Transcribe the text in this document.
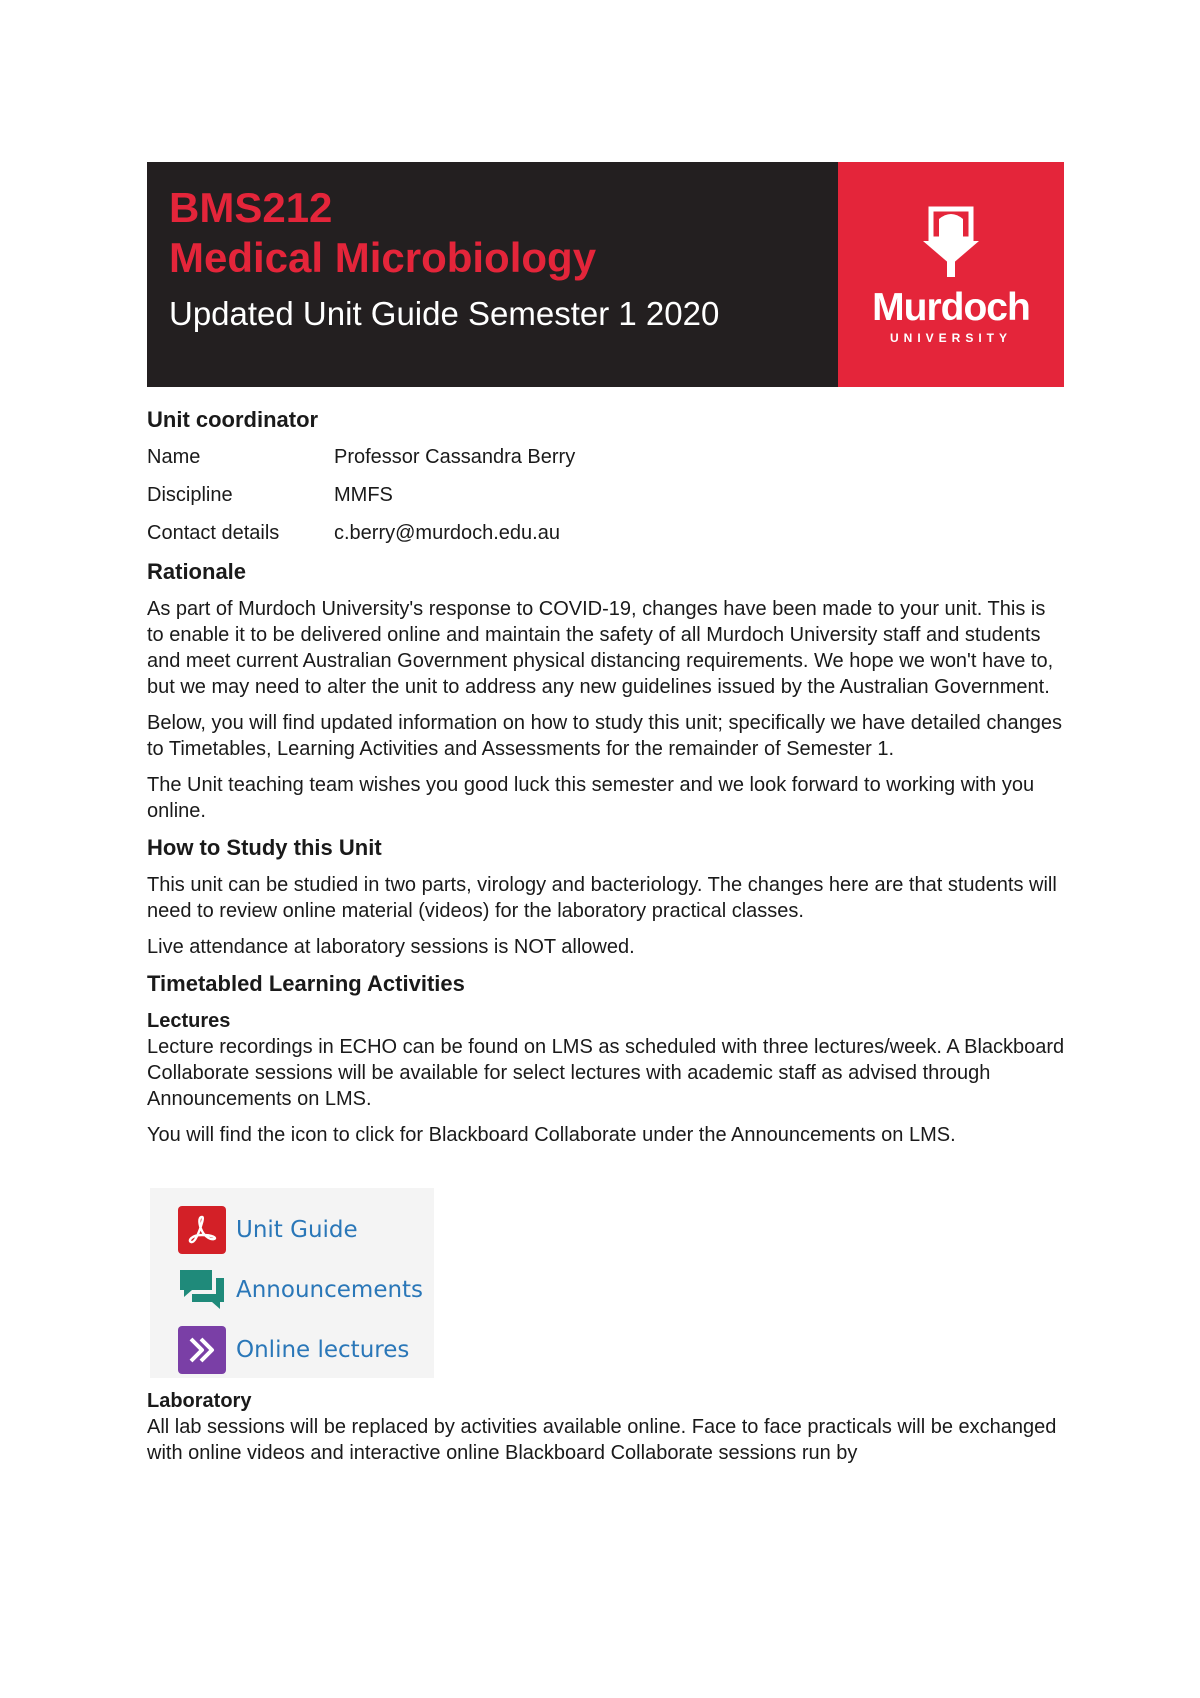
BMS212
Medical Microbiology
Updated Unit Guide Semester 1 2020	Murdoch
UNIVERSITY
Unit coordinator
Name	Professor Cassandra Berry
Discipline	MMFS
Contact details	c.berry@murdoch.edu.au
Rationale

As part of Murdoch University's response to COVID-19, changes have been made to your unit. This is to enable it to be delivered online and maintain the safety of all Murdoch University staff and students and meet current Australian Government physical distancing requirements. We hope we won't have to, but we may need to alter the unit to address any new guidelines issued by the Australian Government.

Below, you will find updated information on how to study this unit; specifically we have detailed changes to Timetables, Learning Activities and Assessments for the remainder of Semester 1.

The Unit teaching team wishes you good luck this semester and we look forward to working with you online.

How to Study this Unit

This unit can be studied in two parts, virology and bacteriology. The changes here are that students will need to review online material (videos) for the laboratory practical classes.

Live attendance at laboratory sessions is NOT allowed.

Timetabled Learning Activities
Lectures

Lecture recordings in ECHO can be found on LMS as scheduled with three lectures/week. A Blackboard Collaborate sessions will be available for select lectures with academic staff as advised through Announcements on LMS.

You will find the icon to click for Blackboard Collaborate under the Announcements on LMS.

Unit Guide
Announcements
Online lectures
Laboratory

All lab sessions will be replaced by activities available online. Face to face practicals will be exchanged with online videos and interactive online Blackboard Collaborate sessions run by
